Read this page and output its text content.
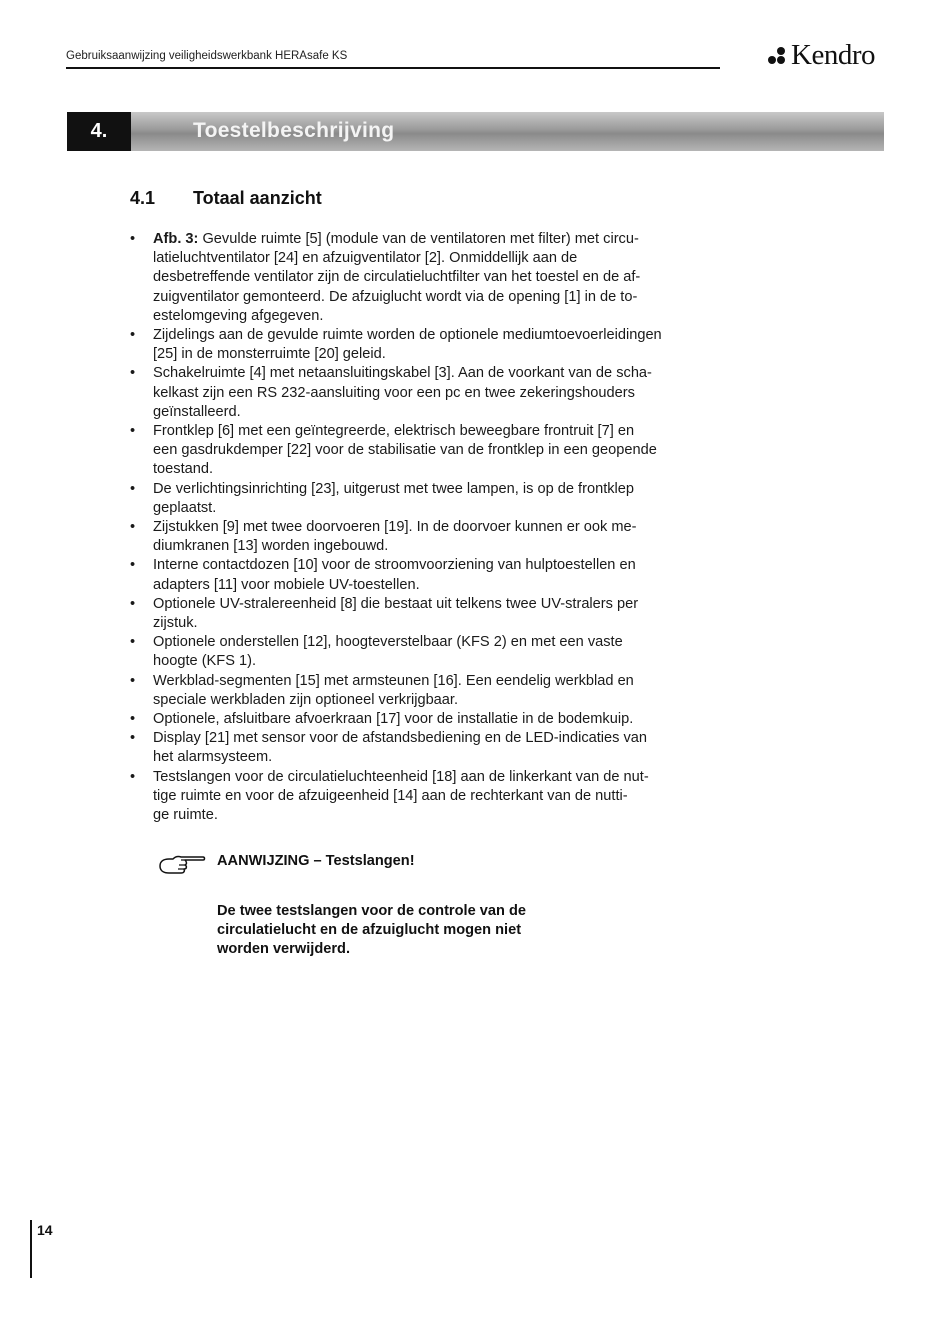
Gebruiksaanwijzing veiligheidswerkbank HERAsafe KS	Kendro
4.	Toestelbeschrijving
4.1 Totaal aanzicht
• Afb. 3: Gevulde ruimte [5] (module van de ventilatoren met filter) met circu-
latieluchtventilator [24] en afzuigventilator [2]. Onmiddellijk aan de
desbetreffende ventilator zijn de circulatieluchtfilter van het toestel en de af-
zuigventilator gemonteerd. De afzuiglucht wordt via de opening [1] in de to-
estelomgeving afgegeven.
• Zijdelings aan de gevulde ruimte worden de optionele mediumtoevoerleidingen
[25] in de monsterruimte [20] geleid.
• Schakelruimte [4] met netaansluitingskabel [3]. Aan de voorkant van de scha-
kelkast zijn een RS 232-aansluiting voor een pc en twee zekeringshouders
geïnstalleerd.
• Frontklep [6] met een geïntegreerde, elektrisch beweegbare frontruit [7] en
een gasdrukdemper [22] voor de stabilisatie van de frontklep in een geopende
toestand.
• De verlichtingsinrichting [23], uitgerust met twee lampen, is op de frontklep
geplaatst.
• Zijstukken [9] met twee doorvoeren [19]. In de doorvoer kunnen er ook me-
diumkranen [13] worden ingebouwd.
• Interne contactdozen [10] voor de stroomvoorziening van hulptoestellen en
adapters [11] voor mobiele UV-toestellen.
• Optionele UV-stralereenheid [8] die bestaat uit telkens twee UV-stralers per
zijstuk.
• Optionele onderstellen [12], hoogteverstelbaar (KFS 2) en met een vaste
hoogte (KFS 1).
• Werkblad-segmenten [15] met armsteunen [16]. Een eendelig werkblad en
speciale werkbladen zijn optioneel verkrijgbaar.
• Optionele, afsluitbare afvoerkraan [17] voor de installatie in de bodemkuip.
• Display [21] met sensor voor de afstandsbediening en de LED-indicaties van
het alarmsysteem.
• Testslangen voor de circulatieluchteenheid [18] aan de linkerkant van de nut-
tige ruimte en voor de afzuigeenheid [14] aan de rechterkant van de nutti-
ge ruimte.
AANWIJZING – Testslangen!
De twee testslangen voor de controle van de
circulatielucht en de afzuiglucht mogen niet
worden verwijderd.
14
